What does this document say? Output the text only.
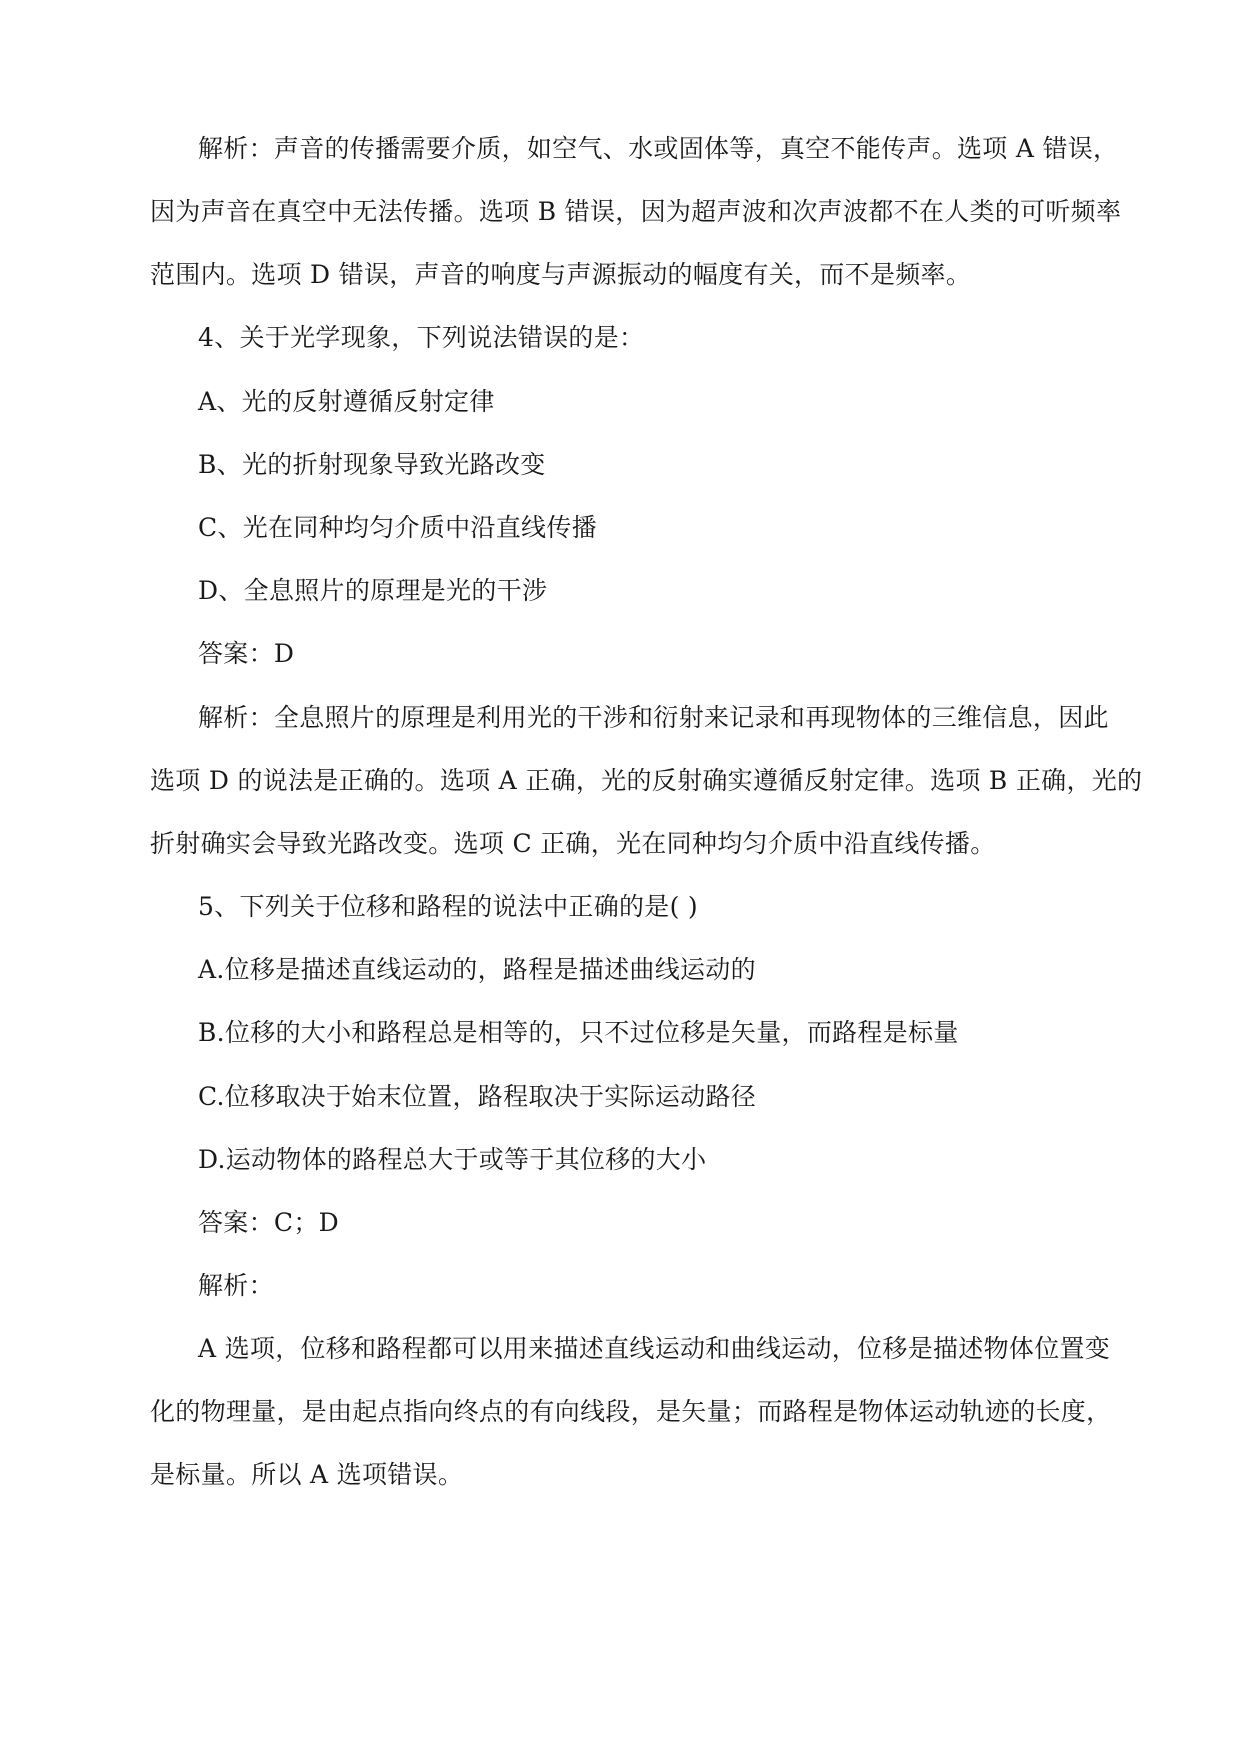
解析：声音的传播需要介质，如空气、水或固体等，真空不能传声。选项 A 错误，
因为声音在真空中无法传播。选项 B 错误，因为超声波和次声波都不在人类的可听频率
范围内。选项 D 错误，声音的响度与声源振动的幅度有关，而不是频率。
4、关于光学现象，下列说法错误的是：
A、光的反射遵循反射定律
B、光的折射现象导致光路改变
C、光在同种均匀介质中沿直线传播
D、全息照片的原理是光的干涉
答案：D
解析：全息照片的原理是利用光的干涉和衍射来记录和再现物体的三维信息，因此
选项 D 的说法是正确的。选项 A 正确，光的反射确实遵循反射定律。选项 B 正确，光的
折射确实会导致光路改变。选项 C 正确，光在同种均匀介质中沿直线传播。
5、下列关于位移和路程的说法中正确的是( )
A.位移是描述直线运动的，路程是描述曲线运动的
B.位移的大小和路程总是相等的，只不过位移是矢量，而路程是标量
C.位移取决于始末位置，路程取决于实际运动路径
D.运动物体的路程总大于或等于其位移的大小
答案：C；D
解析：
A 选项，位移和路程都可以用来描述直线运动和曲线运动，位移是描述物体位置变
化的物理量，是由起点指向终点的有向线段，是矢量；而路程是物体运动轨迹的长度，
是标量。所以 A 选项错误。
